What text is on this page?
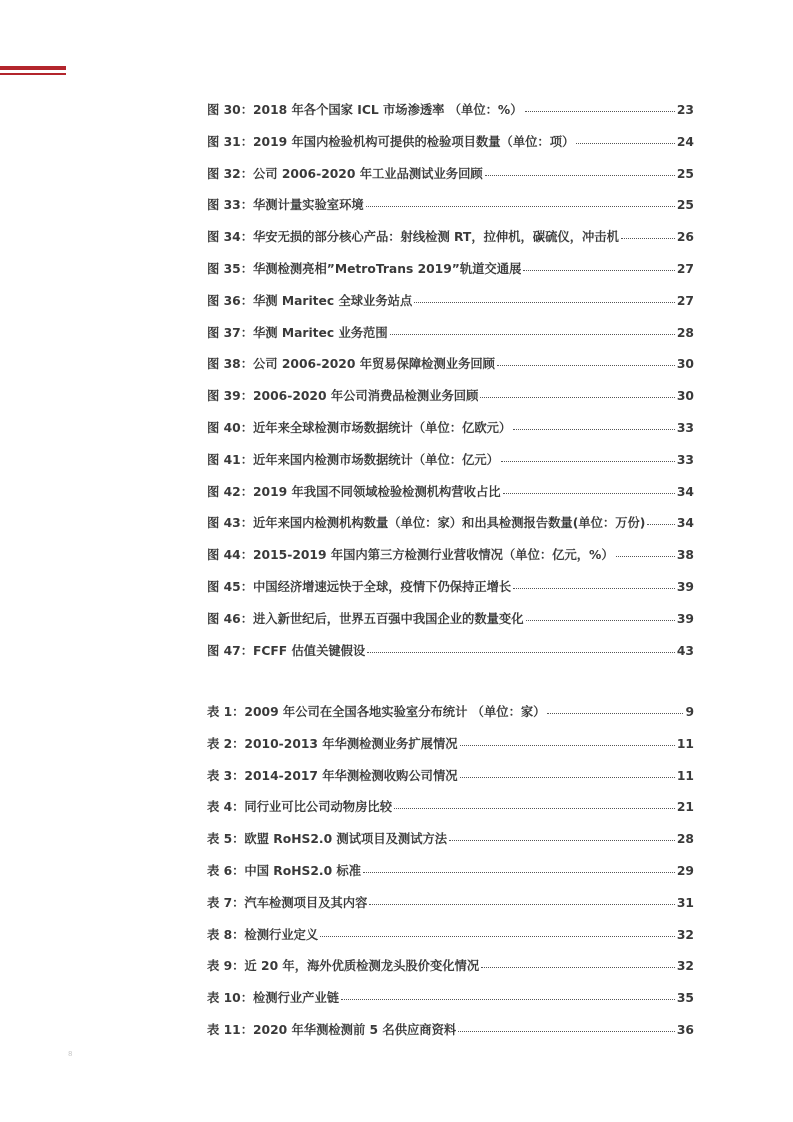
图 30：2018 年各个国家 ICL 市场渗透率 （单位：%）	23
图 31：2019 年国内检验机构可提供的检验项目数量（单位：项）	24
图 32：公司 2006-2020 年工业品测试业务回顾	25
图 33：华测计量实验室环境	25
图 34：华安无损的部分核心产品：射线检测 RT，拉伸机，碳硫仪，冲击机	26
图 35：华测检测亮相”MetroTrans 2019”轨道交通展	27
图 36：华测 Maritec 全球业务站点	27
图 37：华测 Maritec 业务范围	28
图 38：公司 2006-2020 年贸易保障检测业务回顾	30
图 39：2006-2020 年公司消费品检测业务回顾	30
图 40：近年来全球检测市场数据统计（单位：亿欧元）	33
图 41：近年来国内检测市场数据统计（单位：亿元）	33
图 42：2019 年我国不同领域检验检测机构营收占比	34
图 43：近年来国内检测机构数量（单位：家）和出具检测报告数量(单位：万份)	34
图 44：2015-2019 年国内第三方检测行业营收情况（单位：亿元，%）	38
图 45：中国经济增速远快于全球，疫情下仍保持正增长	39
图 46：进入新世纪后，世界五百强中我国企业的数量变化	39
图 47：FCFF 估值关键假设	43
表 1：2009 年公司在全国各地实验室分布统计 （单位：家）	9
表 2：2010-2013 年华测检测业务扩展情况	11
表 3：2014-2017 年华测检测收购公司情况	11
表 4：同行业可比公司动物房比较	21
表 5：欧盟 RoHS2.0 测试项目及测试方法	28
表 6：中国 RoHS2.0 标准	29
表 7：汽车检测项目及其内容	31
表 8：检测行业定义	32
表 9：近 20 年，海外优质检测龙头股价变化情况	32
表 10：检测行业产业链	35
表 11：2020 年华测检测前 5 名供应商资料	36
8
